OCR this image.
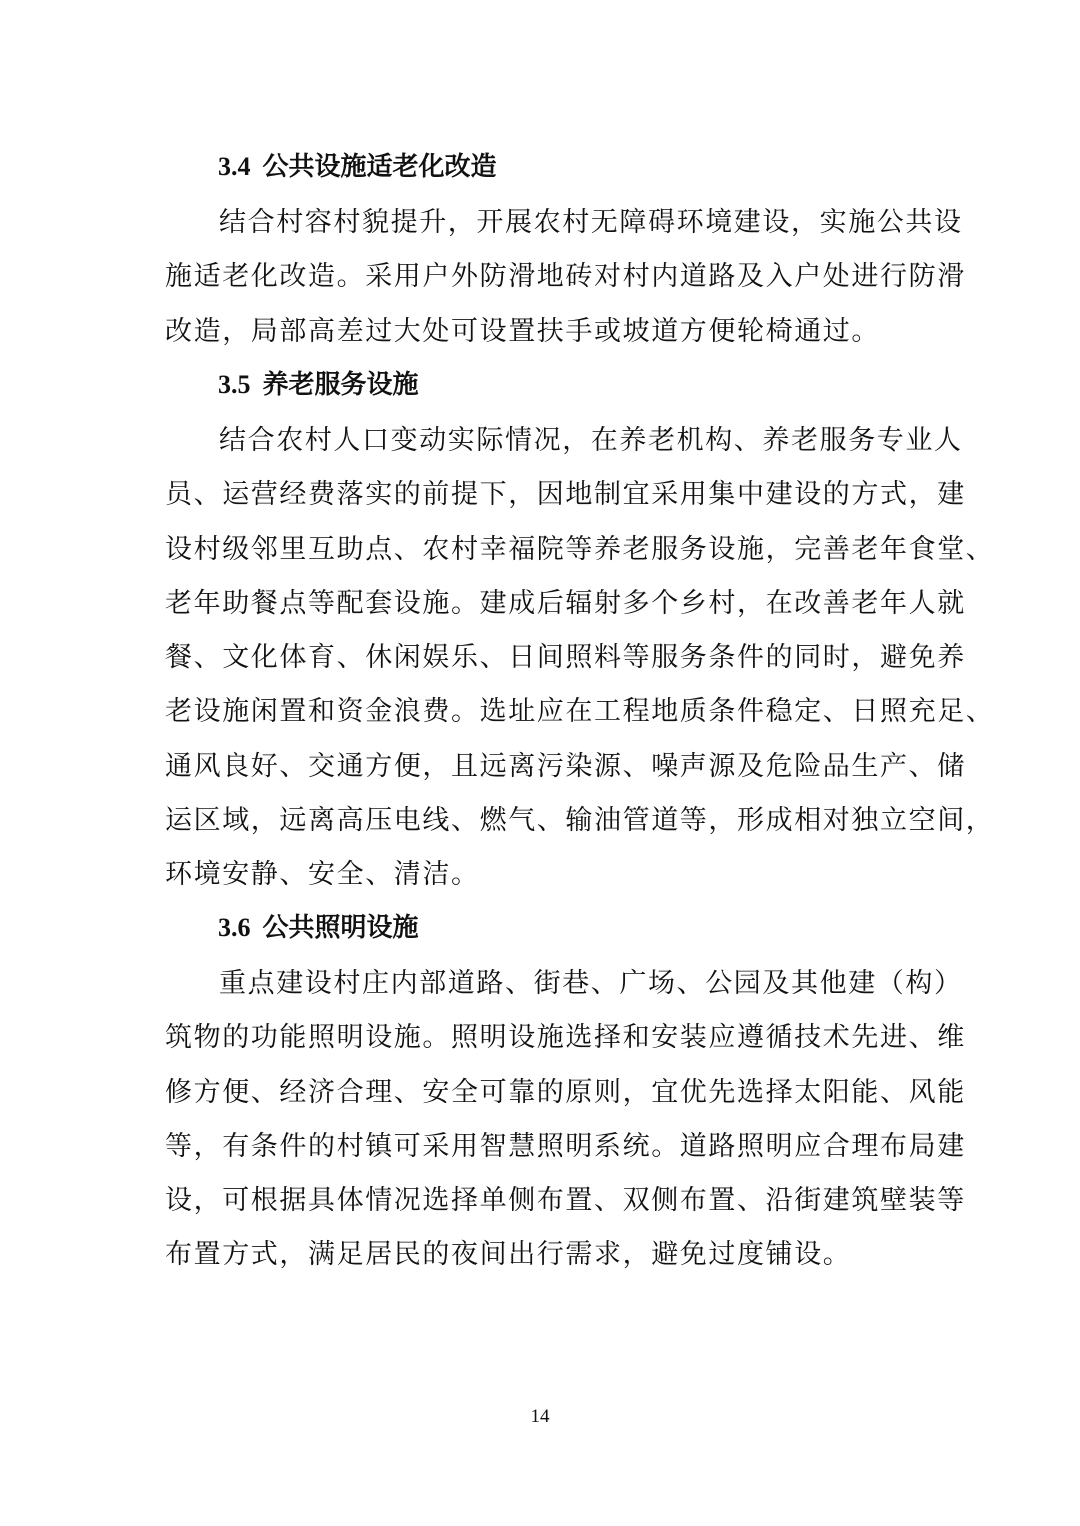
3.4 公共设施适老化改造
结合村容村貌提升，开展农村无障碍环境建设，实施公共设
施适老化改造。采用户外防滑地砖对村内道路及入户处进行防滑
改造，局部高差过大处可设置扶手或坡道方便轮椅通过。
3.5 养老服务设施
结合农村人口变动实际情况，在养老机构、养老服务专业人
员、运营经费落实的前提下，因地制宜采用集中建设的方式，建
设村级邻里互助点、农村幸福院等养老服务设施，完善老年食堂、
老年助餐点等配套设施。建成后辐射多个乡村，在改善老年人就
餐、文化体育、休闲娱乐、日间照料等服务条件的同时，避免养
老设施闲置和资金浪费。选址应在工程地质条件稳定、日照充足、
通风良好、交通方便，且远离污染源、噪声源及危险品生产、储
运区域，远离高压电线、燃气、输油管道等，形成相对独立空间，
环境安静、安全、清洁。
3.6 公共照明设施
重点建设村庄内部道路、街巷、广场、公园及其他建（构）
筑物的功能照明设施。照明设施选择和安装应遵循技术先进、维
修方便、经济合理、安全可靠的原则，宜优先选择太阳能、风能
等，有条件的村镇可采用智慧照明系统。道路照明应合理布局建
设，可根据具体情况选择单侧布置、双侧布置、沿街建筑壁装等
布置方式，满足居民的夜间出行需求，避免过度铺设。
14
